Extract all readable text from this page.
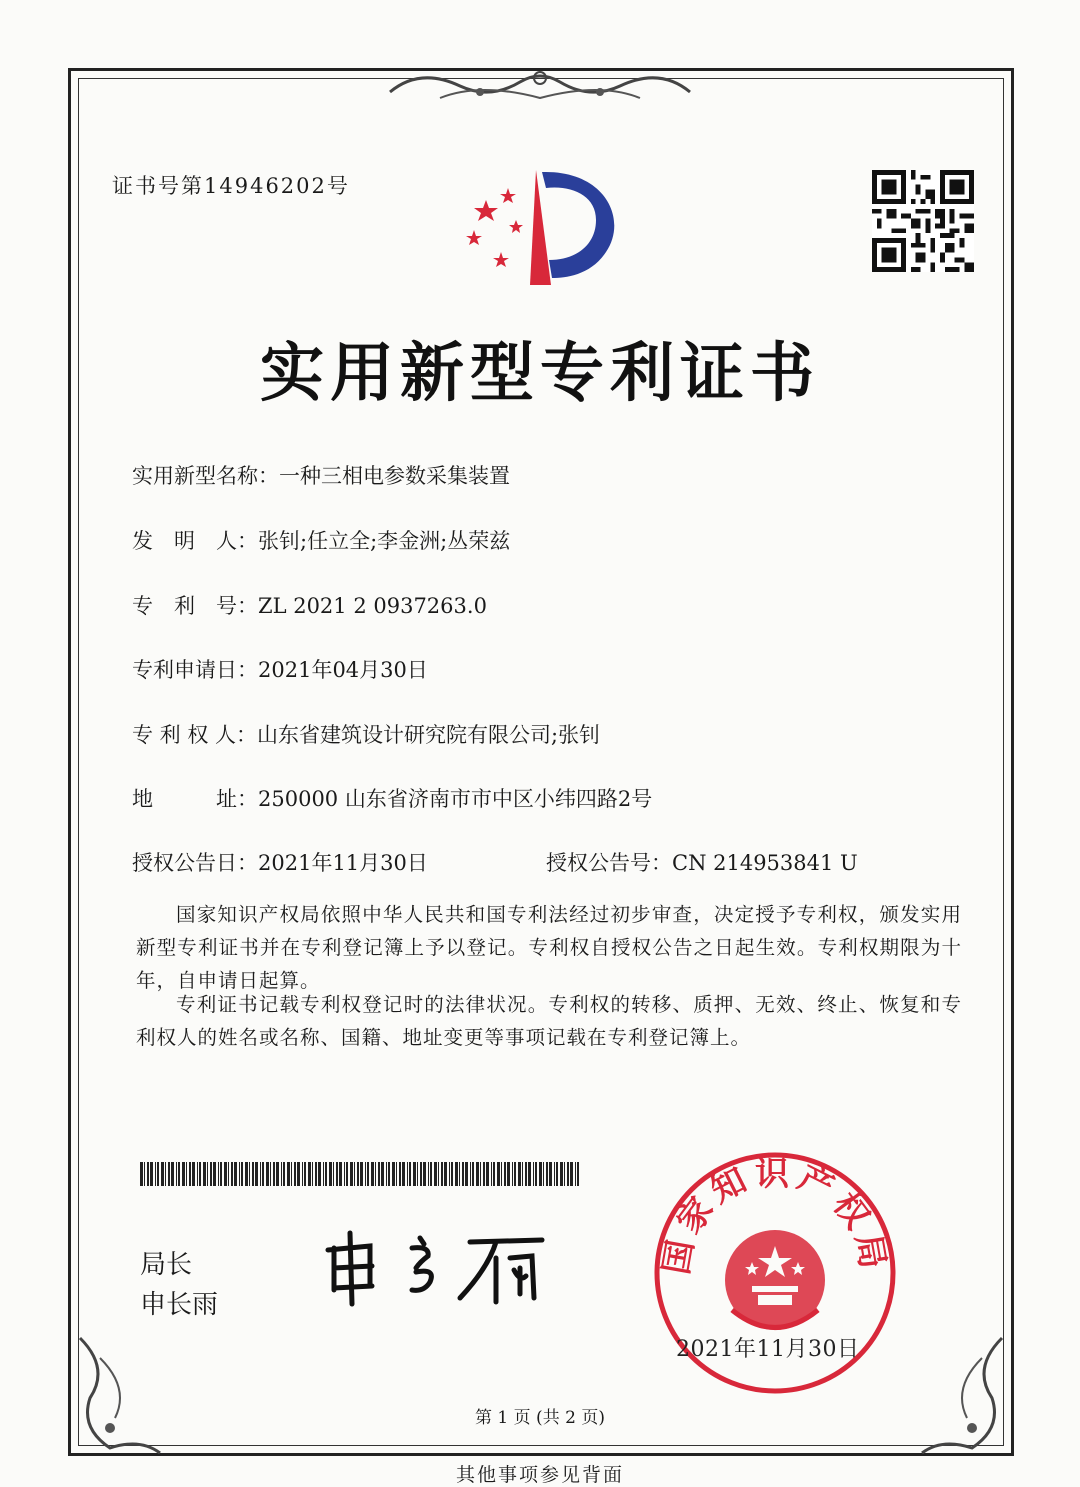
证书号第14946202号
实用新型专利证书
实用新型名称：一种三相电参数采集装置
发　明　人：张钊;任立全;李金洲;丛荣兹
专　利　号：ZL 2021 2 0937263.0
专利申请日：2021年04月30日
专 利 权 人：山东省建筑设计研究院有限公司;张钊
地　　　址：250000 山东省济南市市中区小纬四路2号
授权公告日：2021年11月30日	授权公告号：CN 214953841 U
国家知识产权局依照中华人民共和国专利法经过初步审查，决定授予专利权，颁发实用新型专利证书并在专利登记簿上予以登记。专利权自授权公告之日起生效。专利权期限为十年，自申请日起算。
专利证书记载专利权登记时的法律状况。专利权的转移、质押、无效、终止、恢复和专利权人的姓名或名称、国籍、地址变更等事项记载在专利登记簿上。
局长
申长雨
国家知识产权局
2021年11月30日
第 1 页 (共 2 页)
其他事项参见背面
